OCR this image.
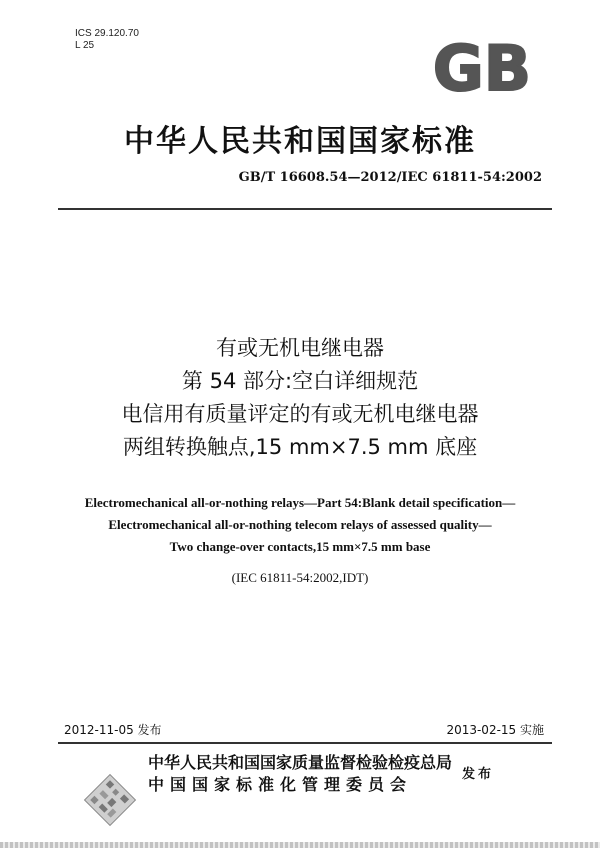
ICS 29.120.70
L 25	GB
中华人民共和国国家标准
GB/T 16608.54—2012/IEC 61811-54:2002
有或无机电继电器
第 54 部分:空白详细规范
电信用有质量评定的有或无机电继电器
两组转换触点,15 mm×7.5 mm 底座
Electromechanical all-or-nothing relays—Part 54:Blank detail specification—
Electromechanical all-or-nothing telecom relays of assessed quality—
Two change-over contacts,15 mm×7.5 mm base
(IEC 61811-54:2002,IDT)
2012-11-05 发布	2013-02-15 实施
中华人民共和国国家质量监督检验检疫总局
中国国家标准化管理委员会
发布
